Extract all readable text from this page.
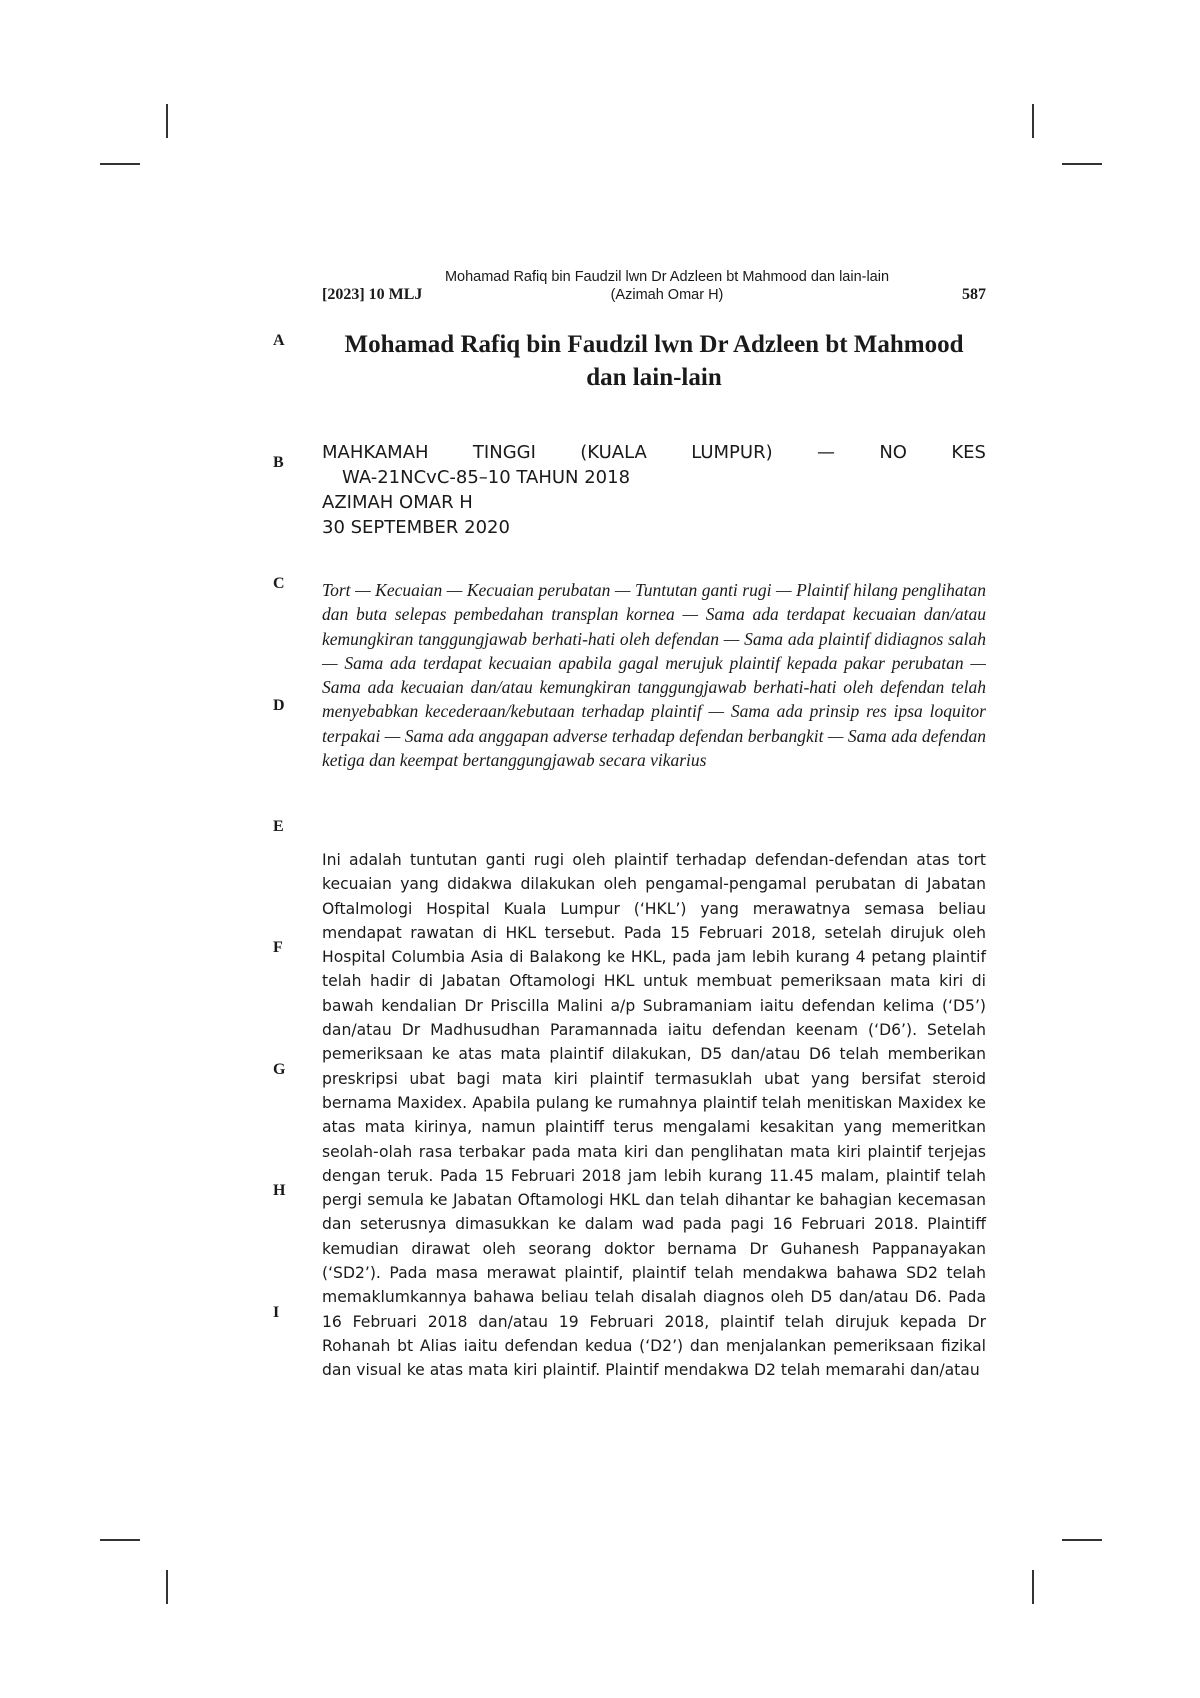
[2023] 10 MLJ
Mohamad Rafiq bin Faudzil lwn Dr Adzleen bt Mahmood dan lain-lain (Azimah Omar H)	587
A
B
C
D
E
F
G
H
I
Mohamad Rafiq bin Faudzil lwn Dr Adzleen bt Mahmood dan lain-lain
MAHKAMAH TINGGI (KUALA LUMPUR) — NO KES
WA-21NCvC-85–10 TAHUN 2018
AZIMAH OMAR H
30 SEPTEMBER 2020
Tort — Kecuaian — Kecuaian perubatan — Tuntutan ganti rugi — Plaintif hilang penglihatan dan buta selepas pembedahan transplan kornea — Sama ada terdapat kecuaian dan/atau kemungkiran tanggungjawab berhati-hati oleh defendan — Sama ada plaintif didiagnos salah — Sama ada terdapat kecuaian apabila gagal merujuk plaintif kepada pakar perubatan — Sama ada kecuaian dan/atau kemungkiran tanggungjawab berhati-hati oleh defendan telah menyebabkan kecederaan/kebutaan terhadap plaintif — Sama ada prinsip res ipsa loquitor terpakai — Sama ada anggapan adverse terhadap defendan berbangkit — Sama ada defendan ketiga dan keempat bertanggungjawab secara vikarius
Ini adalah tuntutan ganti rugi oleh plaintif terhadap defendan-defendan atas tort kecuaian yang didakwa dilakukan oleh pengamal-pengamal perubatan di Jabatan Oftalmologi Hospital Kuala Lumpur (‘HKL’) yang merawatnya semasa beliau mendapat rawatan di HKL tersebut. Pada 15 Februari 2018, setelah dirujuk oleh Hospital Columbia Asia di Balakong ke HKL, pada jam lebih kurang 4 petang plaintif telah hadir di Jabatan Oftamologi HKL untuk membuat pemeriksaan mata kiri di bawah kendalian Dr Priscilla Malini a/p Subramaniam iaitu defendan kelima (‘D5’) dan/atau Dr Madhusudhan Paramannada iaitu defendan keenam (‘D6’). Setelah pemeriksaan ke atas mata plaintif dilakukan, D5 dan/atau D6 telah memberikan preskripsi ubat bagi mata kiri plaintif termasuklah ubat yang bersifat steroid bernama Maxidex. Apabila pulang ke rumahnya plaintif telah menitiskan Maxidex ke atas mata kirinya, namun plaintiff terus mengalami kesakitan yang memeritkan seolah-olah rasa terbakar pada mata kiri dan penglihatan mata kiri plaintif terjejas dengan teruk. Pada 15 Februari 2018 jam lebih kurang 11.45 malam, plaintif telah pergi semula ke Jabatan Oftamologi HKL dan telah dihantar ke bahagian kecemasan dan seterusnya dimasukkan ke dalam wad pada pagi 16 Februari 2018. Plaintiff kemudian dirawat oleh seorang doktor bernama Dr Guhanesh Pappanayakan (‘SD2’). Pada masa merawat plaintif, plaintif telah mendakwa bahawa SD2 telah memaklumkannya bahawa beliau telah disalah diagnos oleh D5 dan/atau D6. Pada 16 Februari 2018 dan/atau 19 Februari 2018, plaintif telah dirujuk kepada Dr Rohanah bt Alias iaitu defendan kedua (‘D2’) dan menjalankan pemeriksaan fizikal dan visual ke atas mata kiri plaintif. Plaintif mendakwa D2 telah memarahi dan/atau
